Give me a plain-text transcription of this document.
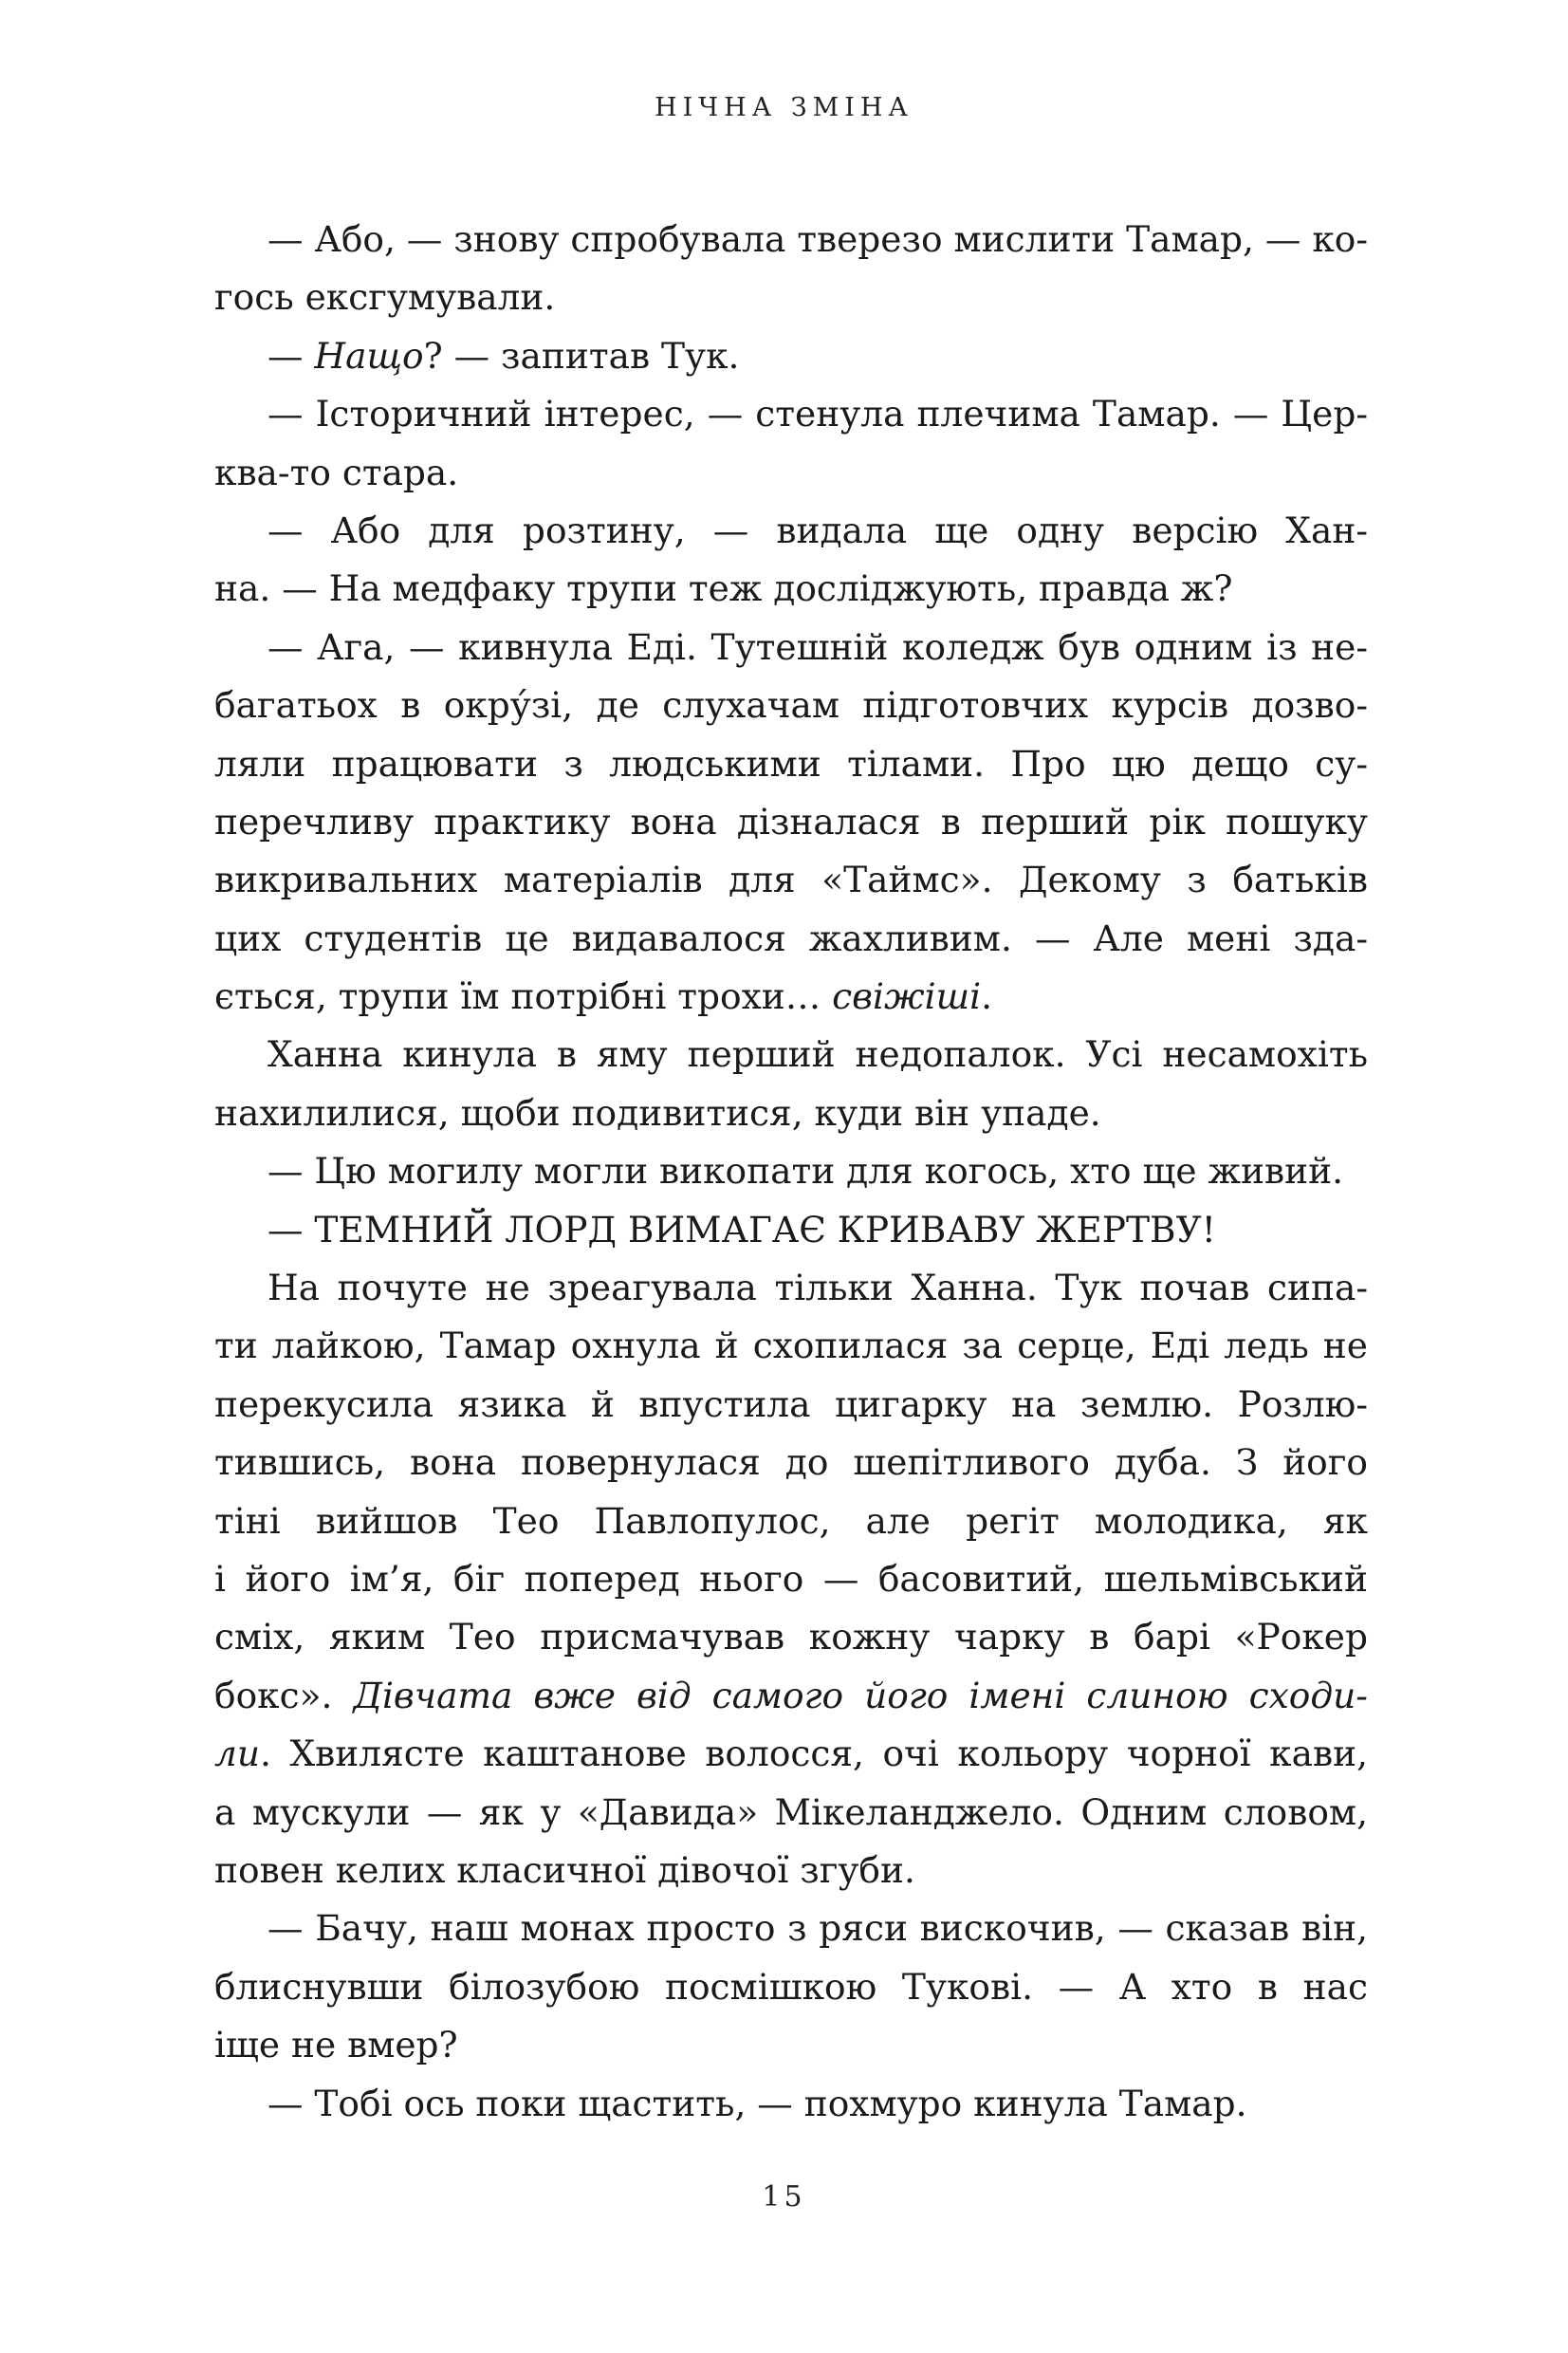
НІЧНА ЗМІНА
— Або, — знову спробувала тверезо мислити Тамар, — ко-
гось ексгумували.
— Нащо? — запитав Тук.
— Історичний інтерес, — стенула плечима Тамар. — Цер-
ква-то стара.
— Або для розтину, — видала ще одну версію Хан-
на. — На медфаку трупи теж досліджують, правда ж?
— Ага, — кивнула Еді. Тутешній коледж був одним із не-
багатьох в окру́зі, де слухачам підготовчих курсів дозво-
ляли працювати з людськими тілами. Про цю дещо су-
перечливу практику вона дізналася в перший рік пошуку
викривальних матеріалів для «Таймс». Декому з батьків
цих студентів це видавалося жахливим. — Але мені зда-
ється, трупи їм потрібні трохи… свіжіші.
Ханна кинула в яму перший недопалок. Усі несамохіть
нахилилися, щоби подивитися, куди він упаде.
— Цю могилу могли викопати для когось, хто ще живий.
— ТЕМНИЙ ЛОРД ВИМАГАЄ КРИВАВУ ЖЕРТВУ!
На почуте не зреагувала тільки Ханна. Тук почав сипа-
ти лайкою, Тамар охнула й схопилася за серце, Еді ледь не
перекусила язика й впустила цигарку на землю. Розлю-
тившись, вона повернулася до шепітливого дуба. З його
тіні вийшов Тео Павлопулос, але регіт молодика, як
і його ім’я, біг поперед нього — басовитий, шельмівський
сміх, яким Тео присмачував кожну чарку в барі «Рокер
бокс». Дівчата вже від самого його імені слиною сходи-
ли. Хвилясте каштанове волосся, очі кольору чорної кави,
а мускули — як у «Давида» Мікеланджело. Одним словом,
повен келих класичної дівочої згуби.
— Бачу, наш монах просто з ряси вискочив, — сказав він,
блиснувши білозубою посмішкою Тукові. — А хто в нас
іще не вмер?
— Тобі ось поки щастить, — похмуро кинула Тамар.
15
